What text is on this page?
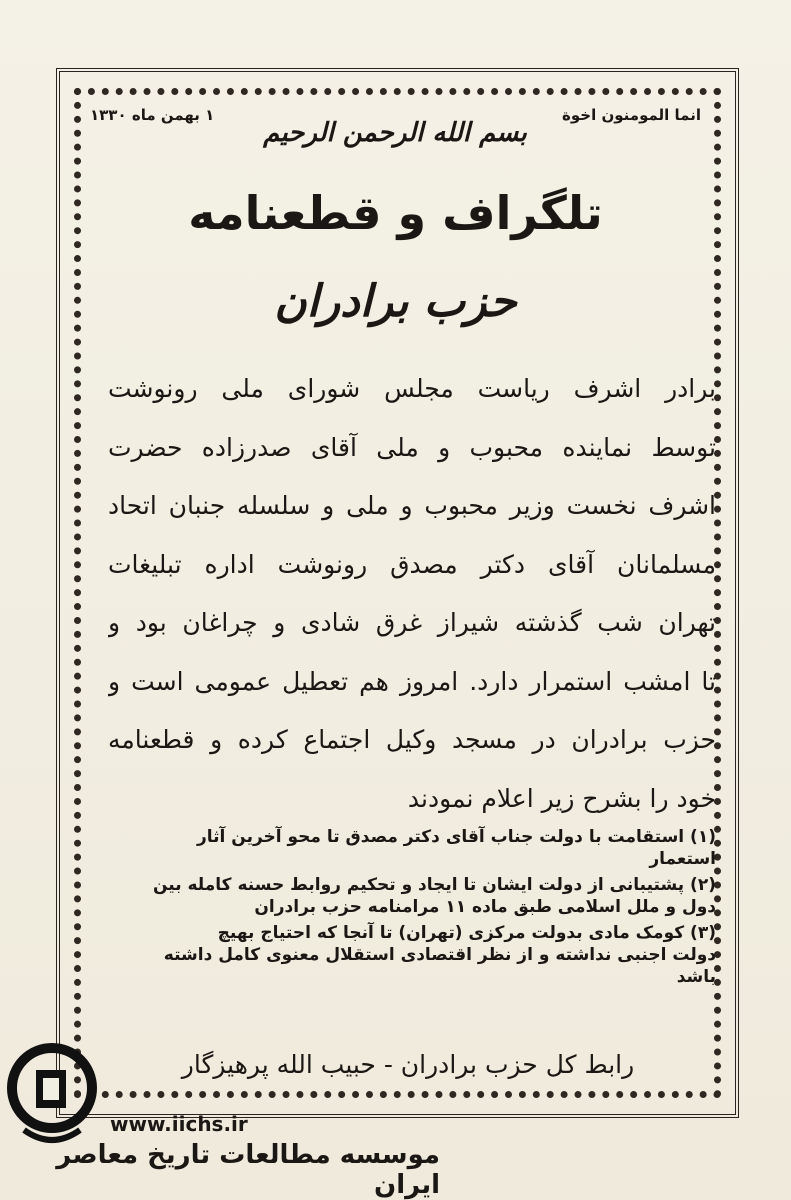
انما المومنون اخوة
۱ بهمن ماه ۱۳۳۰
بسم الله الرحمن الرحیم
تلگراف و قطعنامه
حزب برادران
برادر اشرف ریاست مجلس شورای ملی رونوشت
توسط نماینده محبوب و ملی آقای صدرزاده حضرت
اشرف نخست وزیر محبوب و ملی و سلسله جنبان اتحاد
مسلمانان آقای دکتر مصدق رونوشت اداره تبلیغات
تهران شب گذشته شیراز غرق شادی و چراغان بود و
تا امشب استمرار دارد. امروز هم تعطیل عمومی است و
حزب برادران در مسجد وکیل اجتماع کرده و قطعنامه
خود را بشرح زیر اعلام نمودند
(۱) استقامت با دولت جناب آقای دکتر مصدق تا محو آخرین آثار
استعمار
(۲) پشتیبانی از دولت ایشان تا ایجاد و تحکیم روابط حسنه کامله بین
دول و ملل اسلامی طبق ماده ۱۱ مرامنامه حزب برادران
(۳) کومک مادی بدولت مرکزی (تهران) تا آنجا که احتیاج بهیچ
دولت اجنبی نداشته و از نظر اقتصادی استقلال معنوی کامل داشته
باشد
رابط کل حزب برادران - حبیب الله پرهیزگار
www.iichs.ir
موسسه مطالعات تاریخ معاصر ایران
